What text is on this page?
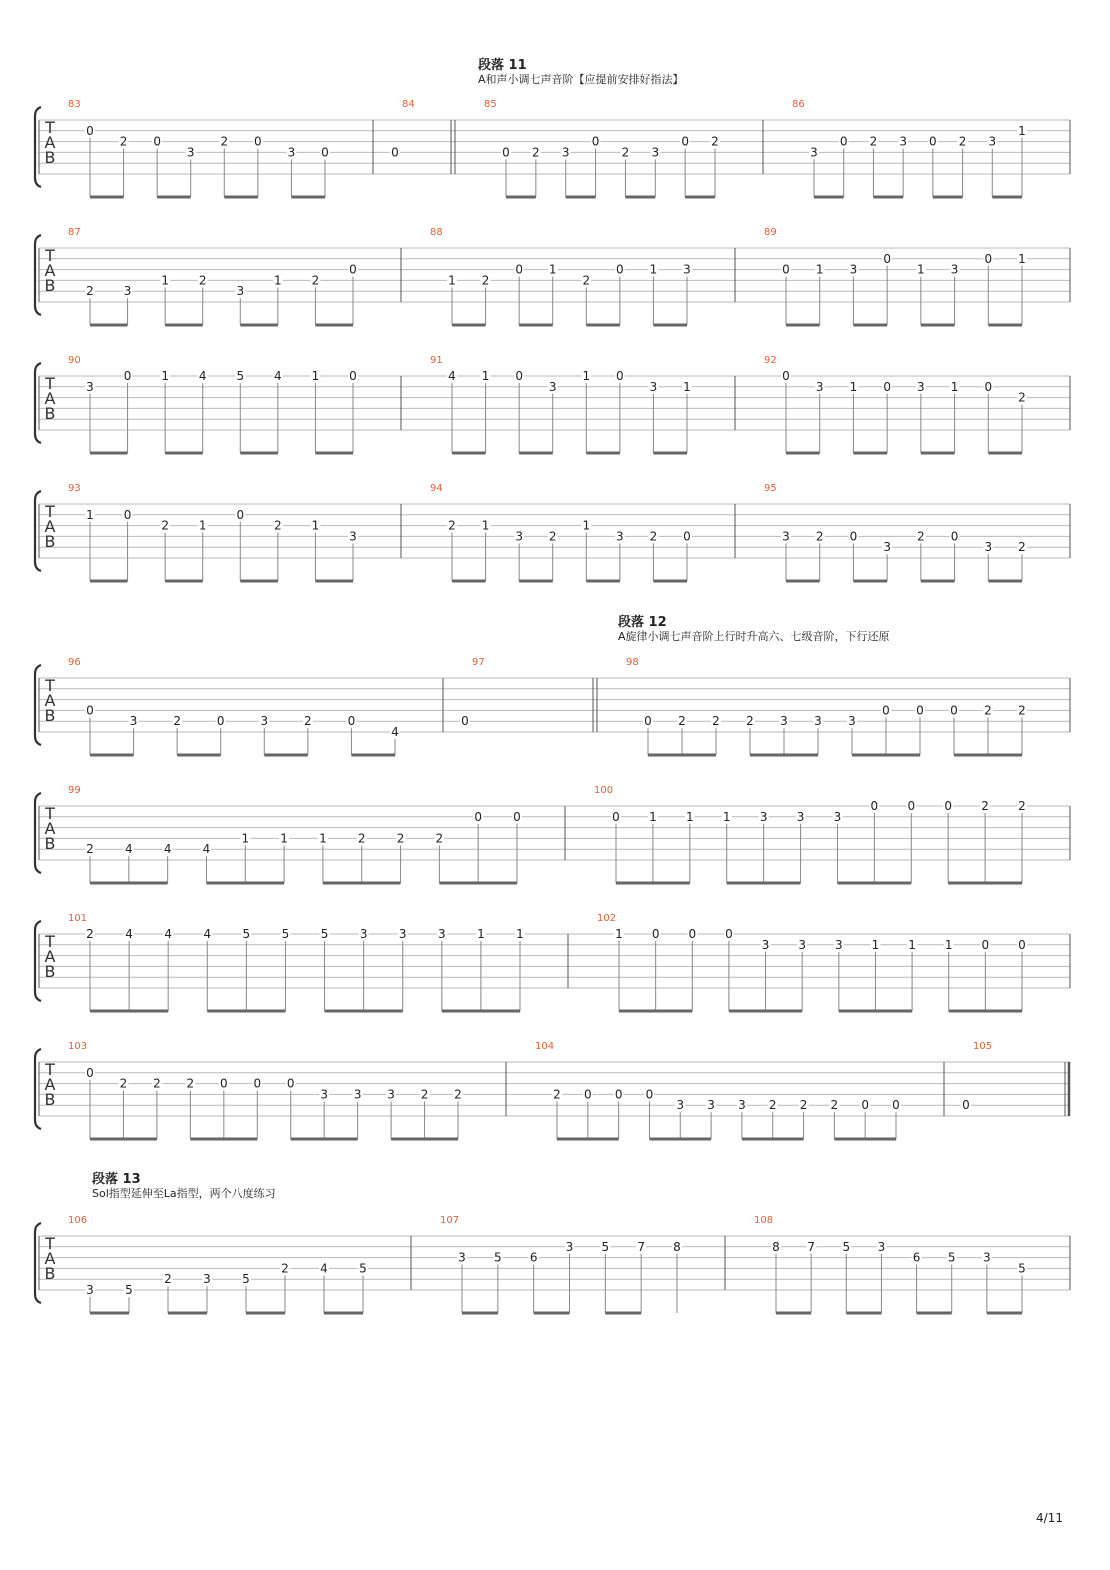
T
A
B
83
0
2 0
3
2 0
3 0
84
0
85
0 2 3
0
2 3
0 2
86
3
0 2 3 0 2 3
1
T
A
B
87
2 3
1 2
3
1 2
0
88
1 2
0 1
2
0 1 3
89
0 1 3
0
1 3
0 1
T
A
B
90
3
0 1 4 5 4 1 0
91
4 1 0
3
1 0
3 1
92
0
3 1 0 3 1 0
2
T
A
B
93
1 0
2 1
0
2 1
3
94
2 1
3 2
1
3 2 0
95
3 2 0
3
2 0
3 2
T
A
B
96
0
3	2	0	3	2	0
4
97
0
98
0 2 2 2 3 3 3
0 0 0 2 2
T
A
B
99
2	4	4	4
1	1	1	2	2	2
0	0
100
0 1 1 1 3 3 3
0 0 0 2 2
T
A
B
101
2	4	4	4	5	5	5	3	3	3	1	1
102
1 0 0 0
3 3 3 1 1 1 0 0
T
A
B
103
0
2 2 2 0 0 0
3 3 3 2 2
104
2 0 0 0
3 3 3 2 2 2 0 0
105
0
T
A
B
106
3	5
2	3	5
2	4	5
107
3 5 6
3 5 7 8
108
8 7 5 3
6 5 3
5
段落 11
A和声小调七声音阶【应提前安排好指法】
段落 12
A旋律小调七声音阶上行时升高六、七级音阶，下行还原
段落 13
Sol指型延伸至La指型，两个八度练习
4/11
